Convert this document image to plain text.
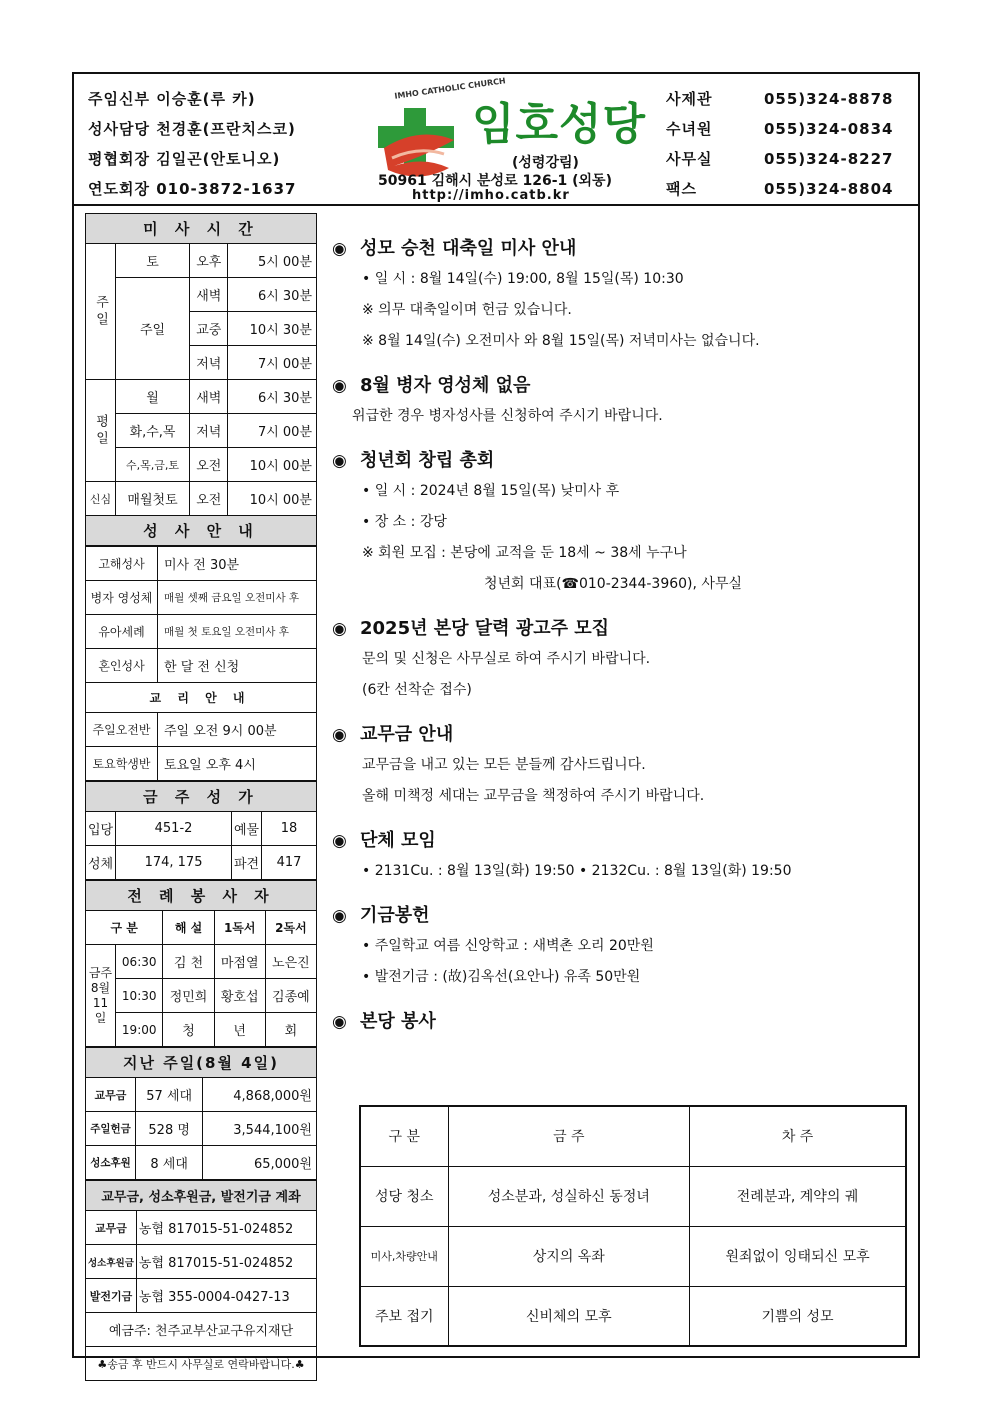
주임신부 이승훈(루 카)
성사담당 천경훈(프란치스코)
평협회장 김일곤(안토니오)
연도회장 010-3872-1637
IMHO CATHOLIC CHURCH
임호성당
(성령강림)
50961 김해시 분성로 126-1 (외동)
http://imho.catb.kr
사제관	055)324-8878
수녀원	055)324-0834
사무실	055)324-8227
팩스	055)324-8804
미 사 시 간			
주일	토	오후	5시 00분
	주일	새벽	6시 30분
		교중	10시 30분
		저녁	7시 00분
평일	월	새벽	6시 30분
	화,수,목	저녁	7시 00분
	수,목,금,토	오전	10시 00분
신심	매월첫토	오전	10시 00분
성 사 안 내			
고해성사	미사 전 30분
병자 영성체	매월 셋째 금요일 오전미사 후
유아세례	매월 첫 토요일 오전미사 후
혼인성사	한 달 전 신청
교 리 안 내	
주일오전반	주일 오전 9시 00분
토요학생반	토요일 오후 4시
금 주 성 가			
입당	451-2	예물	18
성체	174, 175	파견	417
전 례 봉 사 자				
구 분		해 설	1독서	2독서
금주 8월 11일	06:30	김 천	마점열	노은진
	10:30	정민희	황호섭	김종예
	19:00	청	년	회
지난 주일(8월 4일)		
교무금	57 세대	4,868,000원
주일헌금	528 명	3,544,100원
성소후원	8 세대	65,000원
교무금, 성소후원금, 발전기금 계좌	
교무금	농협 817015-51-024852
성소후원금	농협 817015-51-024852
발전기금	농협 355-0004-0427-13
예금주: 천주교부산교구유지재단	
♣송금 후 반드시 사무실로 연락바랍니다.♣	
◉ 성모 승천 대축일 미사 안내
• 일 시 : 8월 14일(수) 19:00, 8월 15일(목) 10:30
※ 의무 대축일이며 헌금 있습니다.
※ 8월 14일(수) 오전미사 와 8월 15일(목) 저녁미사는 없습니다.
◉ 8월 병자 영성체 없음
위급한 경우 병자성사를 신청하여 주시기 바랍니다.
◉ 청년회 창립 총회
• 일 시 : 2024년 8월 15일(목) 낮미사 후
• 장 소 : 강당
※ 회원 모집 : 본당에 교적을 둔 18세 ~ 38세 누구나
청년회 대표(☎010-2344-3960), 사무실
◉ 2025년 본당 달력 광고주 모집
문의 및 신청은 사무실로 하여 주시기 바랍니다.
(6칸 선착순 접수)
◉ 교무금 안내
교무금을 내고 있는 모든 분들께 감사드립니다.
올해 미책정 세대는 교무금을 책정하여 주시기 바랍니다.
◉ 단체 모임
• 2131Cu. : 8월 13일(화) 19:50 • 2132Cu. : 8월 13일(화) 19:50
◉ 기금봉헌
• 주일학교 여름 신앙학교 : 새벽촌 오리 20만원
• 발전기금 : (故)김옥선(요안나) 유족 50만원
◉ 본당 봉사
구 분	금 주	차 주
성당 청소	성소분과, 성실하신 동정녀	전례분과, 계약의 궤
미사,차량안내	상지의 옥좌	원죄없이 잉태되신 모후
주보 접기	신비체의 모후	기쁨의 성모
